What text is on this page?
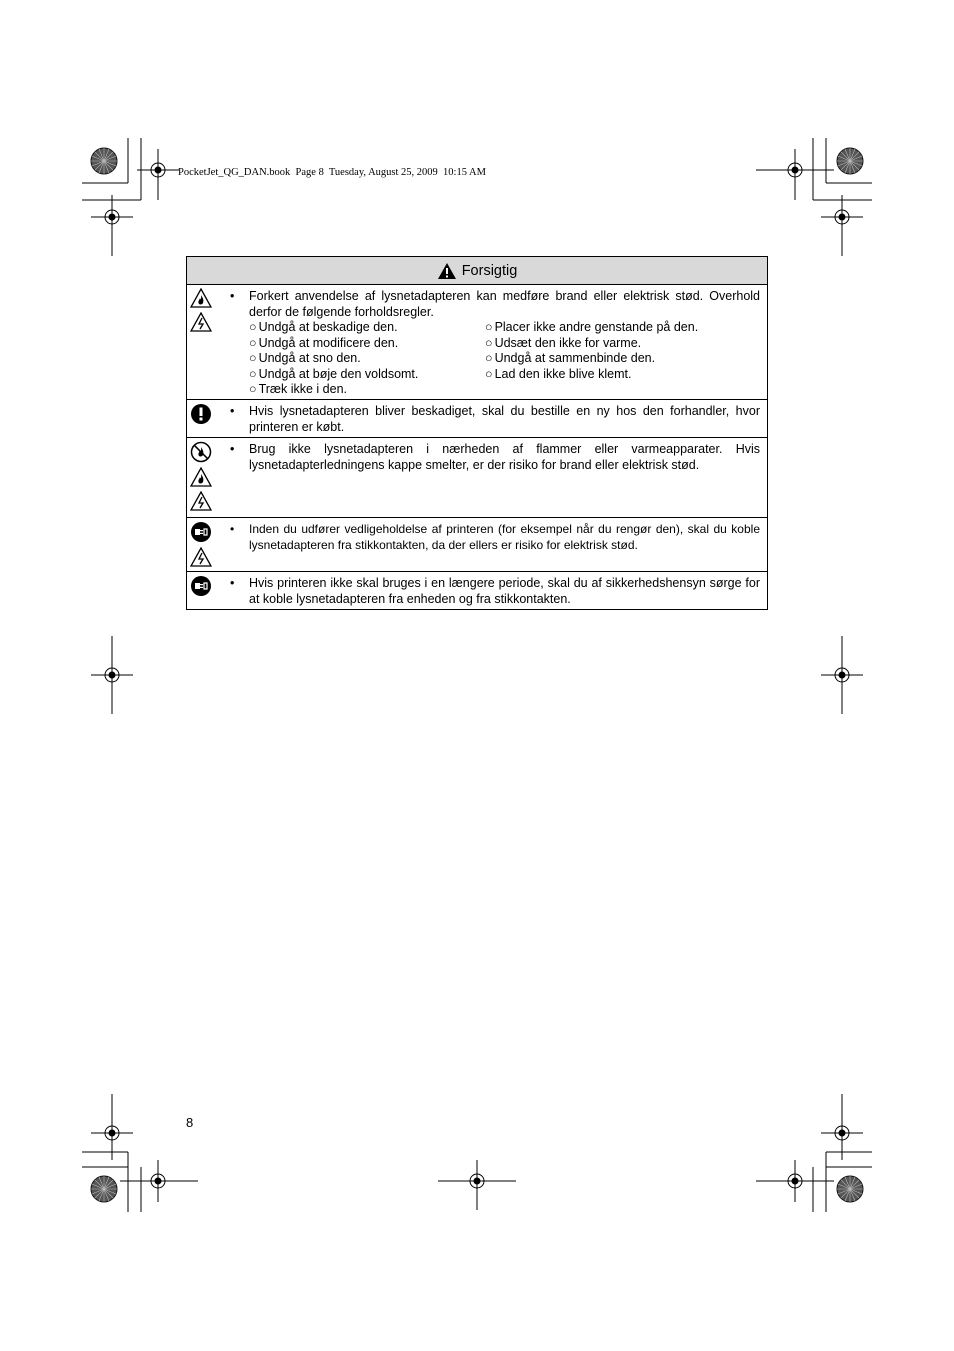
PocketJet_QG_DAN.book  Page 8  Tuesday, August 25, 2009  10:15 AM
Forsigtig
•	Forkert anvendelse af lysnetadapteren kan medføre brand eller elektrisk stød. Overhold derfor de følgende forholdsregler.
○ Undgå at beskadige den.	○ Placer ikke andre genstande på den.
○ Undgå at modificere den.	○ Udsæt den ikke for varme.
○ Undgå at sno den.	○ Undgå at sammenbinde den.
○ Undgå at bøje den voldsomt.	○ Lad den ikke blive klemt.
○ Træk ikke i den.
•	Hvis lysnetadapteren bliver beskadiget, skal du bestille en ny hos den forhandler, hvor printeren er købt.
•	Brug ikke lysnetadapteren i nærheden af flammer eller varmeapparater. Hvis lysnetadapterledningens kappe smelter, er der risiko for brand eller elektrisk stød.
•	Inden du udfører vedligeholdelse af printeren (for eksempel når du rengør den), skal du koble lysnetadapteren fra stikkontakten, da der ellers er risiko for elektrisk stød.
•	Hvis printeren ikke skal bruges i en længere periode, skal du af sikkerhedshensyn sørge for at koble lysnetadapteren fra enheden og fra stikkontakten.
8
